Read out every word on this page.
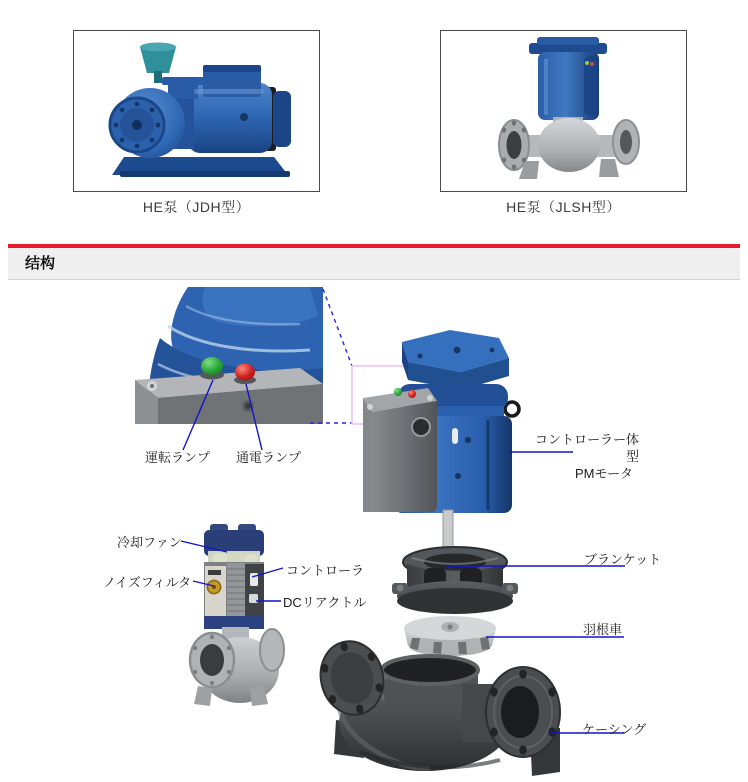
HE泵（JDH型）	HE泵（JLSH型）
结构
運転ランプ 通電ランプ
コントローラー体型
PMモータ
ブランケット
羽根車
ケーシング
冷却ファン
ノイズフィルタ
コントローラ
DCリアクトル
